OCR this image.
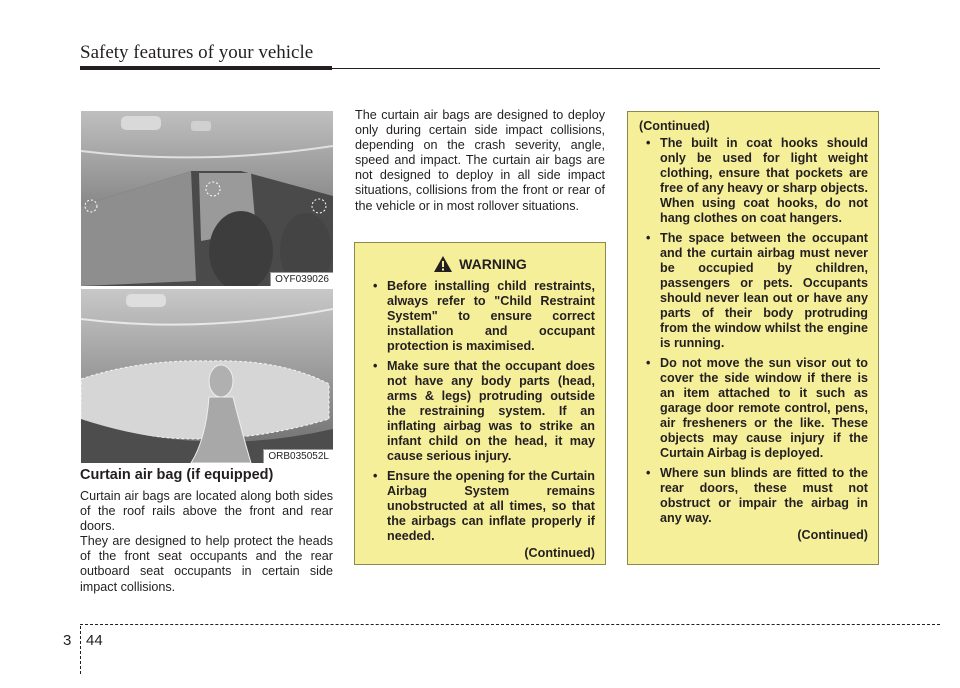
Safety features of your vehicle
OYF039026
ORB035052L
Curtain air bag (if equipped)

Curtain air bags are located along both sides of the roof rails above the front and rear doors.

They are designed to help protect the heads of the front seat occupants and the rear outboard seat occupants in certain side impact collisions.

The curtain air bags are designed to deploy only during certain side impact collisions, depending on the crash severity, angle, speed and impact. The curtain air bags are not designed to deploy in all side impact situations, collisions from the front or rear of the vehicle or in most rollover situations.

WARNING
• Before installing child restraints, always refer to "Child Restraint System" to ensure correct installation and occupant protection is maximised.
• Make sure that the occupant does not have any body parts (head, arms & legs) protruding outside the restraining system. If an inflating airbag was to strike an infant child on the head, it may cause serious injury.
• Ensure the opening for the Curtain Airbag System remains unobstructed at all times, so that the airbags can inflate properly if needed.
(Continued)
(Continued)
• The built in coat hooks should only be used for light weight clothing, ensure that pockets are free of any heavy or sharp objects. When using coat hooks, do not hang clothes on coat hangers.
• The space between the occupant and the curtain airbag must never be occupied by children, passengers or pets. Occupants should never lean out or have any parts of their body protruding from the window whilst the engine is running.
• Do not move the sun visor out to cover the side window if there is an item attached to it such as garage door remote control, pens, air fresheners or the like. These objects may cause injury if the Curtain Airbag is deployed.
• Where sun blinds are fitted to the rear doors, these must not obstruct or impair the airbag in any way.
(Continued)
3 44
